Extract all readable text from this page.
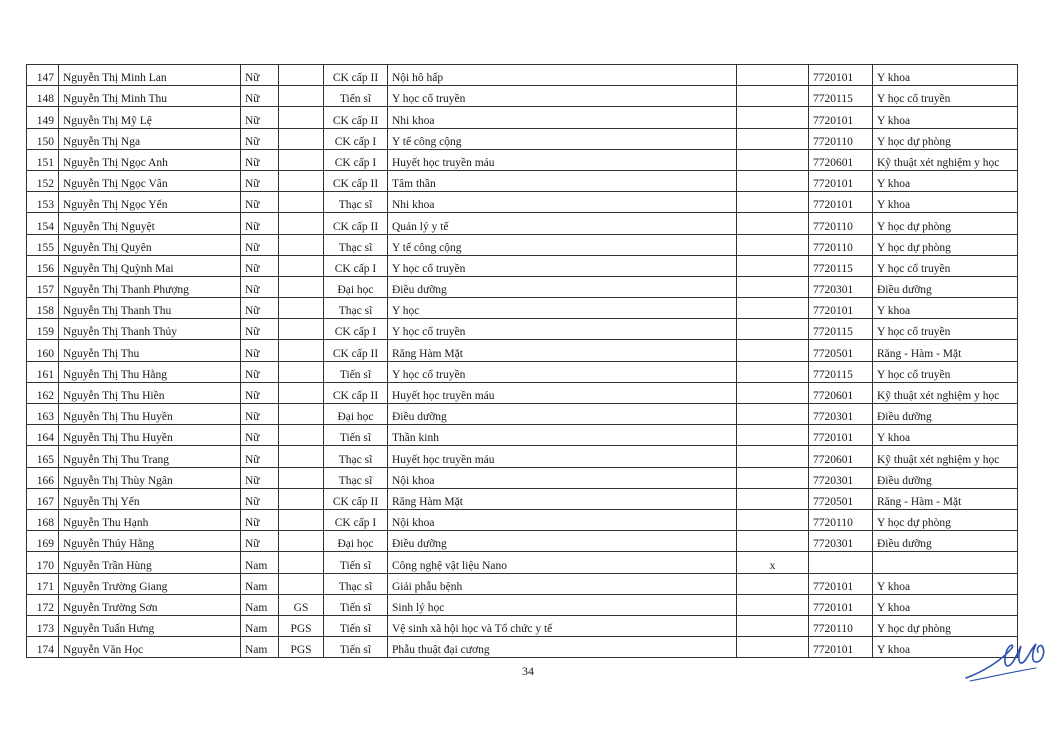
147	Nguyễn Thị Minh Lan	Nữ		CK cấp II	Nội hô hấp		7720101	Y khoa
148	Nguyễn Thị Minh Thu	Nữ		Tiến sĩ	Y học cổ truyền		7720115	Y học cổ truyền
149	Nguyễn Thị Mỹ Lệ	Nữ		CK cấp II	Nhi khoa		7720101	Y khoa
150	Nguyễn Thị Nga	Nữ		CK cấp I	Y tế công cộng		7720110	Y học dự phòng
151	Nguyễn Thị Ngọc Anh	Nữ		CK cấp I	Huyết học truyền máu		7720601	Kỹ thuật xét nghiệm y học
152	Nguyễn Thị Ngọc Vân	Nữ		CK cấp II	Tâm thần		7720101	Y khoa
153	Nguyễn Thị Ngọc Yến	Nữ		Thạc sĩ	Nhi khoa		7720101	Y khoa
154	Nguyễn Thị Nguyệt	Nữ		CK cấp II	Quản lý y tế		7720110	Y học dự phòng
155	Nguyễn Thị Quyên	Nữ		Thạc sĩ	Y tế công cộng		7720110	Y học dự phòng
156	Nguyễn Thị Quỳnh Mai	Nữ		CK cấp I	Y học cổ truyền		7720115	Y học cổ truyền
157	Nguyễn Thị Thanh Phượng	Nữ		Đại học	Điều dưỡng		7720301	Điều dưỡng
158	Nguyễn Thị Thanh Thu	Nữ		Thạc sĩ	Y học		7720101	Y khoa
159	Nguyễn Thị Thanh Thủy	Nữ		CK cấp I	Y học cổ truyền		7720115	Y học cổ truyền
160	Nguyễn Thị Thu	Nữ		CK cấp II	Răng Hàm Mặt		7720501	Răng - Hàm - Mặt
161	Nguyễn Thị Thu Hằng	Nữ		Tiến sĩ	Y học cổ truyền		7720115	Y học cổ truyền
162	Nguyễn Thị Thu Hiền	Nữ		CK cấp II	Huyết học truyền máu		7720601	Kỹ thuật xét nghiệm y học
163	Nguyễn Thị Thu Huyền	Nữ		Đại học	Điều dưỡng		7720301	Điều dưỡng
164	Nguyễn Thị Thu Huyền	Nữ		Tiến sĩ	Thần kinh		7720101	Y khoa
165	Nguyễn Thị Thu Trang	Nữ		Thạc sĩ	Huyết học truyền máu		7720601	Kỹ thuật xét nghiệm y học
166	Nguyễn Thị Thùy Ngân	Nữ		Thạc sĩ	Nội khoa		7720301	Điều dưỡng
167	Nguyễn Thị Yến	Nữ		CK cấp II	Răng Hàm Mặt		7720501	Răng - Hàm - Mặt
168	Nguyễn Thu Hạnh	Nữ		CK cấp I	Nội khoa		7720110	Y học dự phòng
169	Nguyễn Thúy Hằng	Nữ		Đại học	Điều dưỡng		7720301	Điều dưỡng
170	Nguyễn Trần Hùng	Nam		Tiến sĩ	Công nghệ vật liệu Nano	x		
171	Nguyễn Trường Giang	Nam		Thạc sĩ	Giải phẫu bệnh		7720101	Y khoa
172	Nguyễn Trường Sơn	Nam	GS	Tiến sĩ	Sinh lý học		7720101	Y khoa
173	Nguyễn Tuấn Hưng	Nam	PGS	Tiến sĩ	Vệ sinh xã hội học và Tổ chức y tế		7720110	Y học dự phòng
174	Nguyễn Văn Học	Nam	PGS	Tiến sĩ	Phẫu thuật đại cương		7720101	Y khoa
34
